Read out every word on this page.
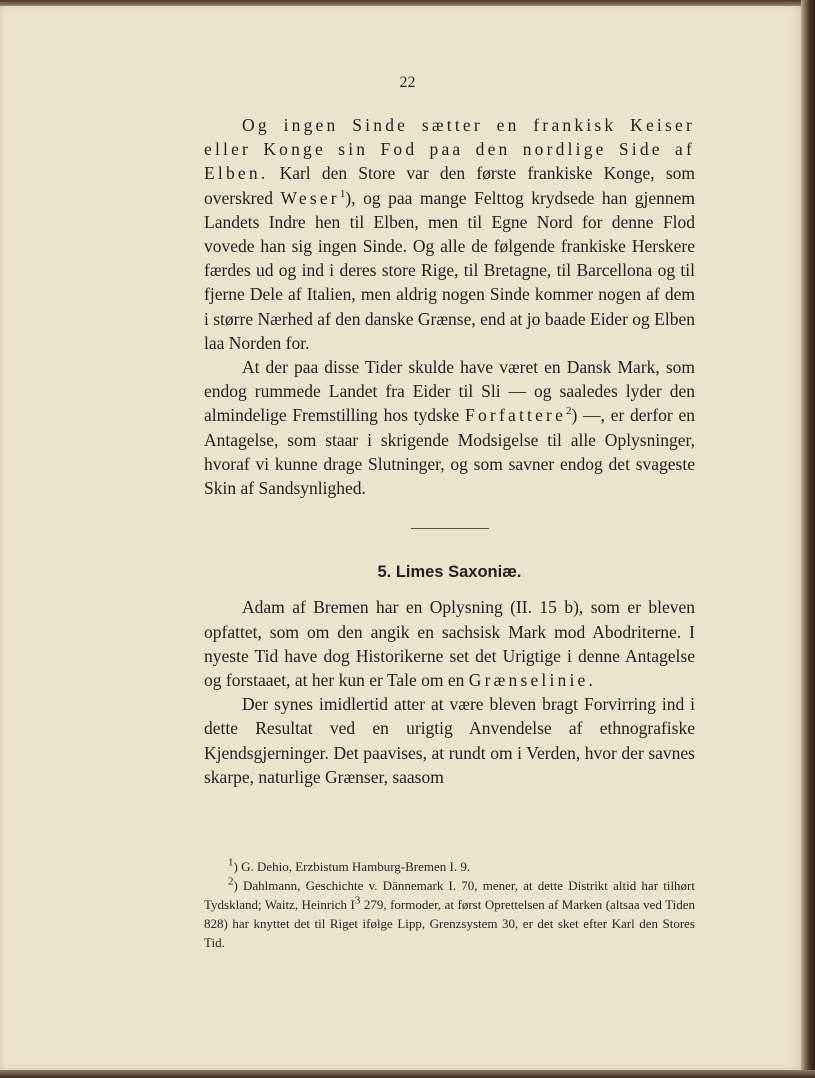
22

Og ingen Sinde sætter en frankisk Keiser eller Konge sin Fod paa den nordlige Side af Elben. Karl den Store var den første frankiske Konge, som overskred Weser$^1$), og paa mange Felttog krydsede han gjennem Landets Indre hen til Elben, men til Egne Nord for denne Flod vovede han sig ingen Sinde. Og alle de følgende frankiske Herskere færdes ud og ind i deres store Rige, til Bretagne, til Barcellona og til fjerne Dele af Italien, men aldrig nogen Sinde kommer nogen af dem i større Nærhed af den danske Grænse, end at jo baade Eider og Elben laa Norden for.

At der paa disse Tider skulde have været en Dansk Mark, som endog rummede Landet fra Eider til Sli — og saaledes lyder den almindelige Fremstilling hos tydske Forfattere$^2$) —, er derfor en Antagelse, som staar i skrigende Modsigelse til alle Oplysninger, hvoraf vi kunne drage Slutninger, og som savner endog det svageste Skin af Sandsynlighed.

5. Limes Saxoniæ.

Adam af Bremen har en Oplysning (II. 15 b), som er bleven opfattet, som om den angik en sachsisk Mark mod Abodriterne. I nyeste Tid have dog Historikerne set det Urigtige i denne Antagelse og forstaaet, at her kun er Tale om en Grænselinie.

Der synes imidlertid atter at være bleven bragt Forvirring ind i dette Resultat ved en urigtig Anvendelse af ethnografiske Kjendsgjerninger. Det paavises, at rundt om i Verden, hvor der savnes skarpe, naturlige Grænser, saasom

$^1$) G. Dehio, Erzbistum Hamburg-Bremen I. 9.

$^2$) Dahlmann, Geschichte v. Dännemark I. 70, mener, at dette Distrikt altid har tilhørt Tydskland; Waitz, Heinrich $I^3$ 279, formoder, at først Oprettelsen af Marken (altsaa ved Tiden 828) har knyttet det til Riget ifølge Lipp, Grenzsystem 30, er det sket efter Karl den Stores Tid.
